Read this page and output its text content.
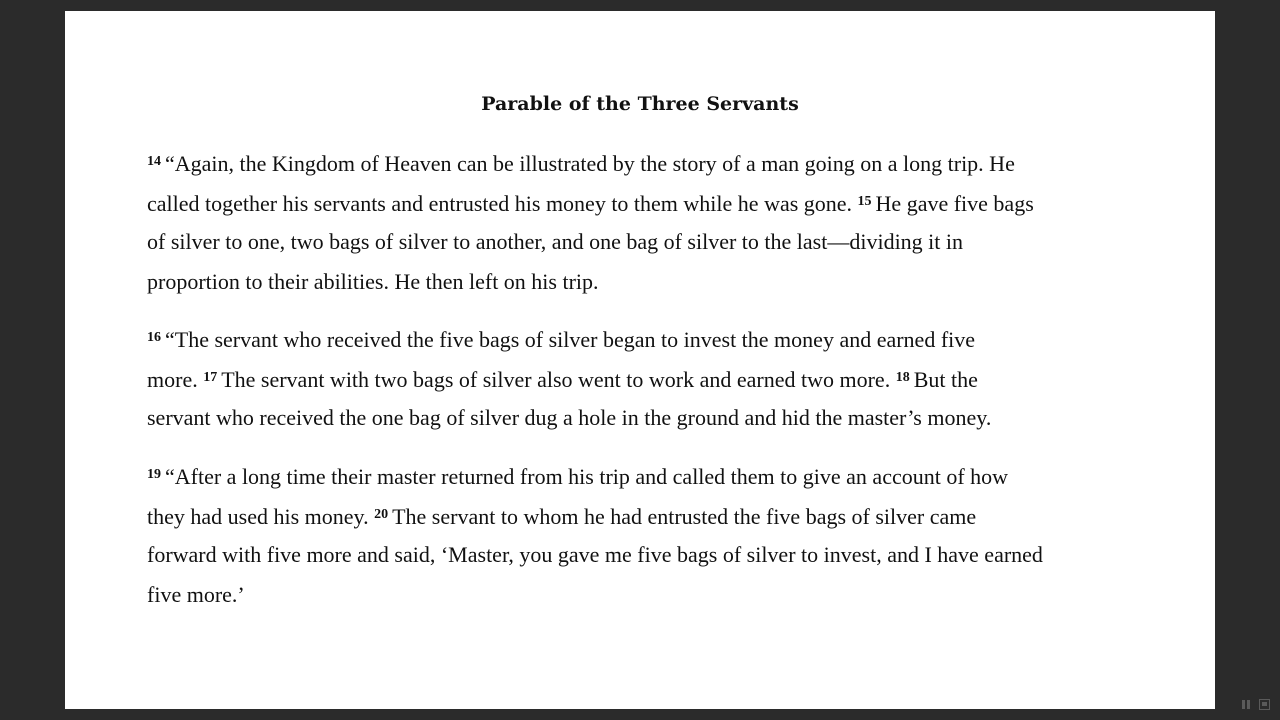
Parable of the Three Servants
$^{14}$ “Again, the Kingdom of Heaven can be illustrated by the story of a man going on a long trip. He
called together his servants and entrusted his money to them while he was gone. $^{15}$ He gave five bags
of silver to one, two bags of silver to another, and one bag of silver to the last—dividing it in
proportion to their abilities. He then left on his trip.
$^{16}$ “The servant who received the five bags of silver began to invest the money and earned five
more. $^{17}$ The servant with two bags of silver also went to work and earned two more. $^{18}$ But the
servant who received the one bag of silver dug a hole in the ground and hid the master’s money.
$^{19}$ “After a long time their master returned from his trip and called them to give an account of how
they had used his money. $^{20}$ The servant to whom he had entrusted the five bags of silver came
forward with five more and said, ‘Master, you gave me five bags of silver to invest, and I have earned
five more.’
